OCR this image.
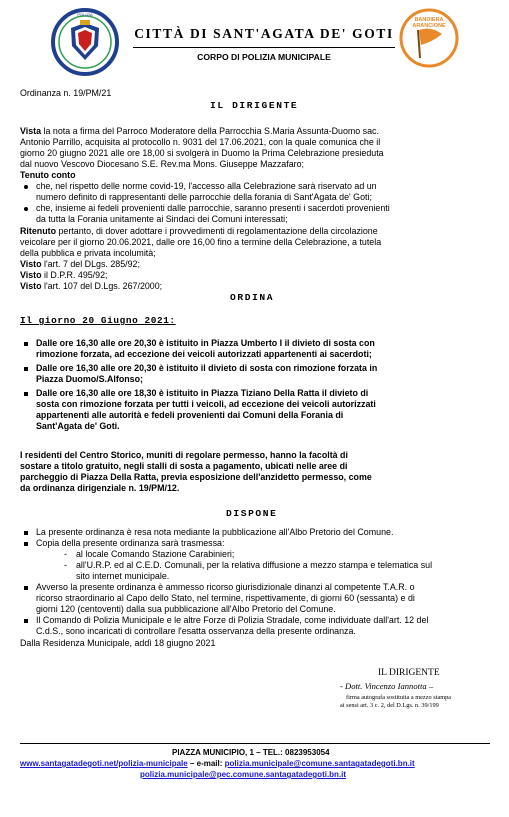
POLIZIA
CITTÀ DI SANT'AGATA DE' GOTI
CORPO DI POLIZIA MUNICIPALE
BANDIERA
ARANCIONE
Ordinanza n. 19/PM/21
IL DIRIGENTE
Vista la nota a firma del Parroco Moderatore della Parrocchia S.Maria Assunta-Duomo sac.
Antonio Parrillo, acquisita al protocollo n. 9031 del 17.06.2021, con la quale comunica che il
giorno 20 giugno 2021 alle ore 18,00 si svolgerà in Duomo la Prima Celebrazione presieduta
dal nuovo Vescovo Diocesano S.E. Rev.ma Mons. Giuseppe Mazzafaro;
Tenuto conto
che, nel rispetto delle norme covid-19, l'accesso alla Celebrazione sarà riservato ad un
numero definito di rappresentanti delle parrocchie della forania di Sant'Agata de' Goti;
che, insieme ai fedeli provenienti dalle parrocchie, saranno presenti i sacerdoti provenienti
da tutta la Forania unitamente ai Sindaci dei Comuni interessati;
Ritenuto pertanto, di dover adottare i provvedimenti di regolamentazione della circolazione
veicolare per il giorno 20.06.2021, dalle ore 16,00 fino a termine della Celebrazione, a tutela
della pubblica e privata incolumità;
Visto l'art. 7 del DLgs. 285/92;
Visto il D.P.R. 495/92;
Visto l'art. 107 del D.Lgs. 267/2000;
ORDINA
Il giorno 20 Giugno 2021:
Dalle ore 16,30 alle ore 20,30 è istituito in Piazza Umberto I il divieto di sosta con
rimozione forzata, ad eccezione dei veicoli autorizzati appartenenti ai sacerdoti;
Dalle ore 16,30 alle ore 20,30 è istituito il divieto di sosta con rimozione forzata in
Piazza Duomo/S.Alfonso;
Dalle ore 16,30 alle ore 18,30 è istituito in Piazza Tiziano Della Ratta il divieto di
sosta con rimozione forzata per tutti i veicoli, ad eccezione dei veicoli autorizzati
appartenenti alle autorità e fedeli provenienti dai Comuni della Forania di
Sant'Agata de' Goti.
I residenti del Centro Storico, muniti di regolare permesso, hanno la facoltà di
sostare a titolo gratuito, negli stalli di sosta a pagamento, ubicati nelle aree di
parcheggio di Piazza Della Ratta, previa esposizione dell'anzidetto permesso, come
da ordinanza dirigenziale n. 19/PM/12.
DISPONE
La presente ordinanza è resa nota mediante la pubblicazione all'Albo Pretorio del Comune.
Copia della presente ordinanza sarà trasmessa:
- al locale Comando Stazione Carabinieri;
- all'U.R.P. ed al C.E.D. Comunali, per la relativa diffusione a mezzo stampa e telematica sul
sito internet municipale.
Avverso la presente ordinanza è ammesso ricorso giurisdizionale dinanzi al competente T.A.R. o
ricorso straordinario al Capo dello Stato, nel termine, rispettivamente, di giorni 60 (sessanta) e di
giorni 120 (centoventi) dalla sua pubblicazione all'Albo Pretorio del Comune.
Il Comando di Polizia Municipale e le altre Forze di Polizia Stradale, come individuate dall'art. 12 del
C.d.S., sono incaricati di controllare l'esatta osservanza della presente ordinanza.
Dalla Residenza Municipale, addì 18 giugno 2021
IL DIRIGENTE
- Dott. Vincenzo Iannotta –
firma autografa sostituita a mezzo stampa
ai sensi art. 3 c. 2, del D.Lgs. n. 39/199
PIAZZA MUNICIPIO, 1 – TEL.: 0823953054
www.santagatadegoti.net/polizia-municipale – e-mail: polizia.municipale@comune.santagatadegoti.bn.it
polizia.municipale@pec.comune.santagatadegoti.bn.it
